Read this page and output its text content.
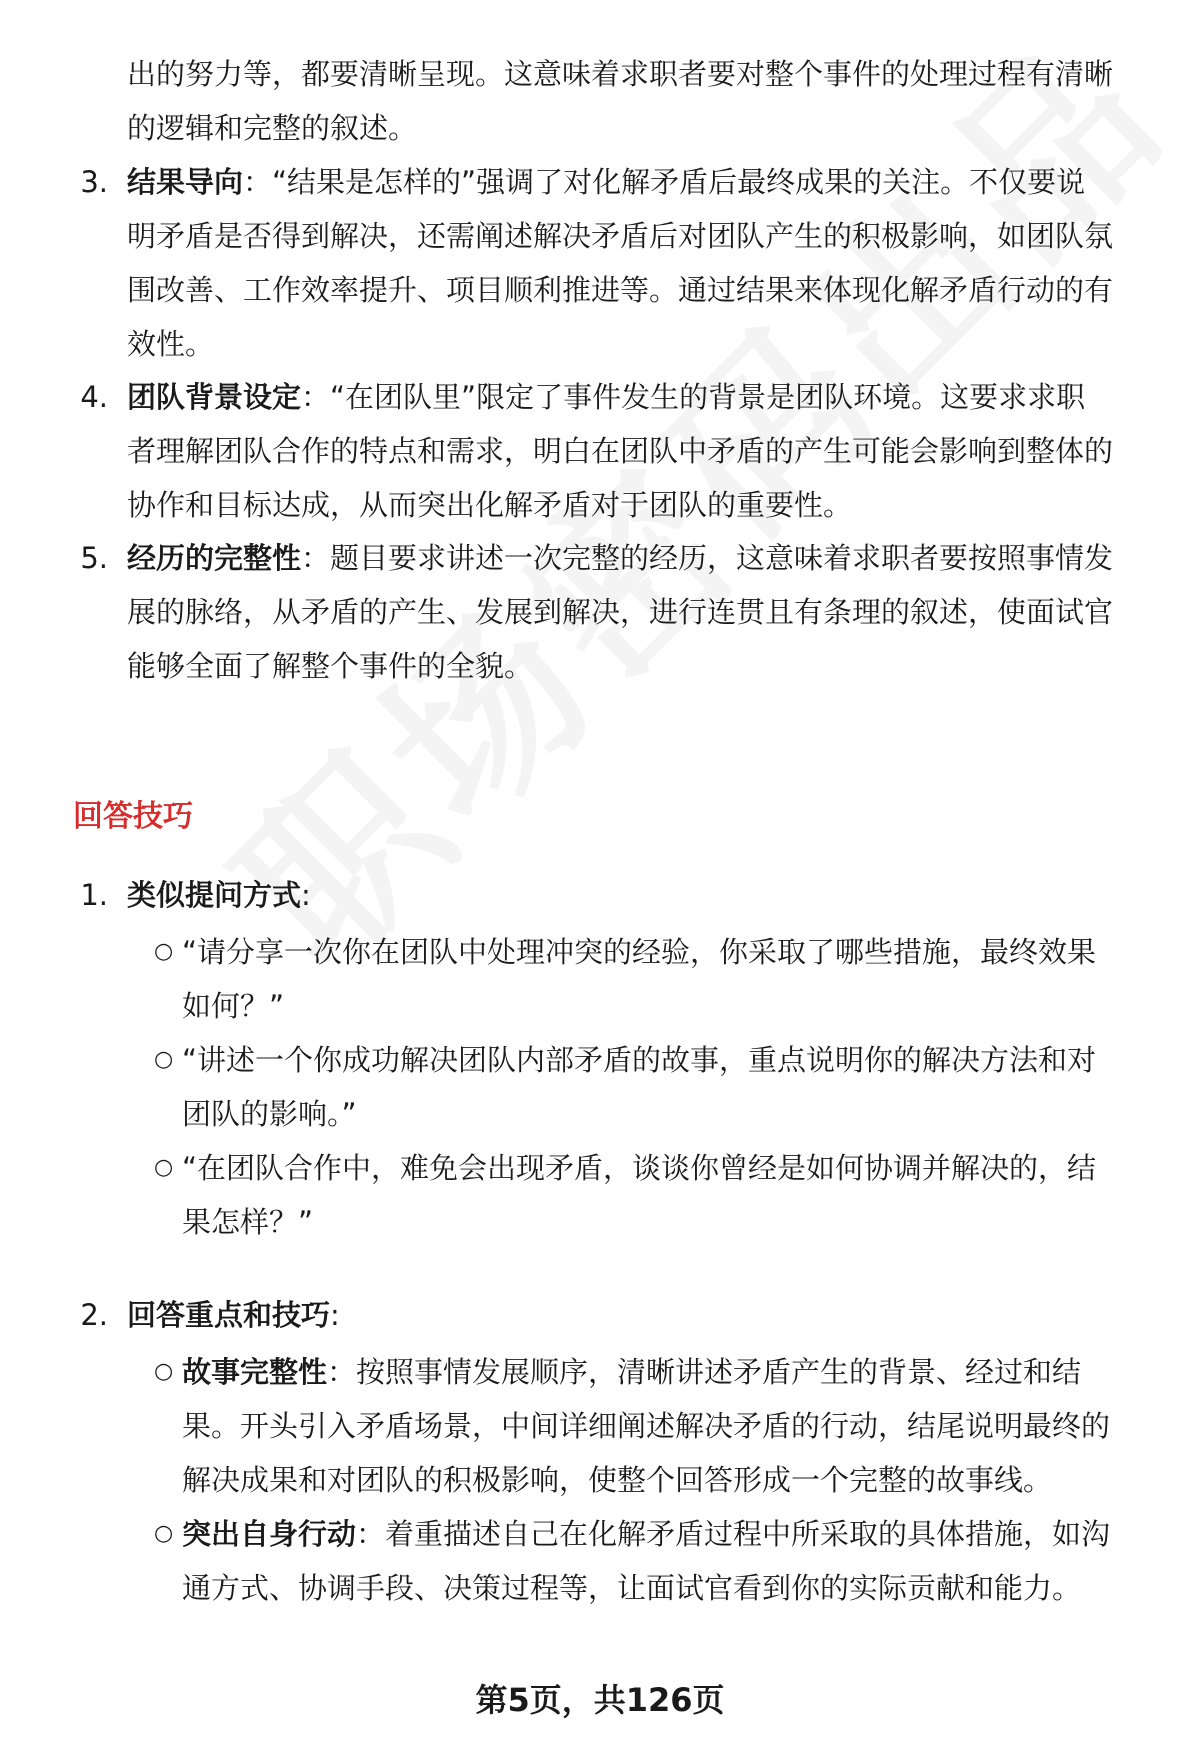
出的努力等，都要清晰呈现。这意味着求职者要对整个事件的处理过程有清晰
的逻辑和完整的叙述。
3. 结果导向：“结果是怎样的”强调了对化解矛盾后最终成果的关注。不仅要说
明矛盾是否得到解决，还需阐述解决矛盾后对团队产生的积极影响，如团队氛
围改善、工作效率提升、项目顺利推进等。通过结果来体现化解矛盾行动的有
效性。
4. 团队背景设定：“在团队里”限定了事件发生的背景是团队环境。这要求求职
者理解团队合作的特点和需求，明白在团队中矛盾的产生可能会影响到整体的
协作和目标达成，从而突出化解矛盾对于团队的重要性。
5. 经历的完整性：题目要求讲述一次完整的经历，这意味着求职者要按照事情发
展的脉络，从矛盾的产生、发展到解决，进行连贯且有条理的叙述，使面试官
能够全面了解整个事件的全貌。
回答技巧
1. 类似提问方式:
○ “请分享一次你在团队中处理冲突的经验，你采取了哪些措施，最终效果
如何？”
○ “讲述一个你成功解决团队内部矛盾的故事，重点说明你的解决方法和对
团队的影响。”
○ “在团队合作中，难免会出现矛盾，谈谈你曾经是如何协调并解决的，结
果怎样？”
2. 回答重点和技巧:
○ 故事完整性：按照事情发展顺序，清晰讲述矛盾产生的背景、经过和结
果。开头引入矛盾场景，中间详细阐述解决矛盾的行动，结尾说明最终的
解决成果和对团队的积极影响，使整个回答形成一个完整的故事线。
○ 突出自身行动：着重描述自己在化解矛盾过程中所采取的具体措施，如沟
通方式、协调手段、决策过程等，让面试官看到你的实际贡献和能力。
第5页，共126页
